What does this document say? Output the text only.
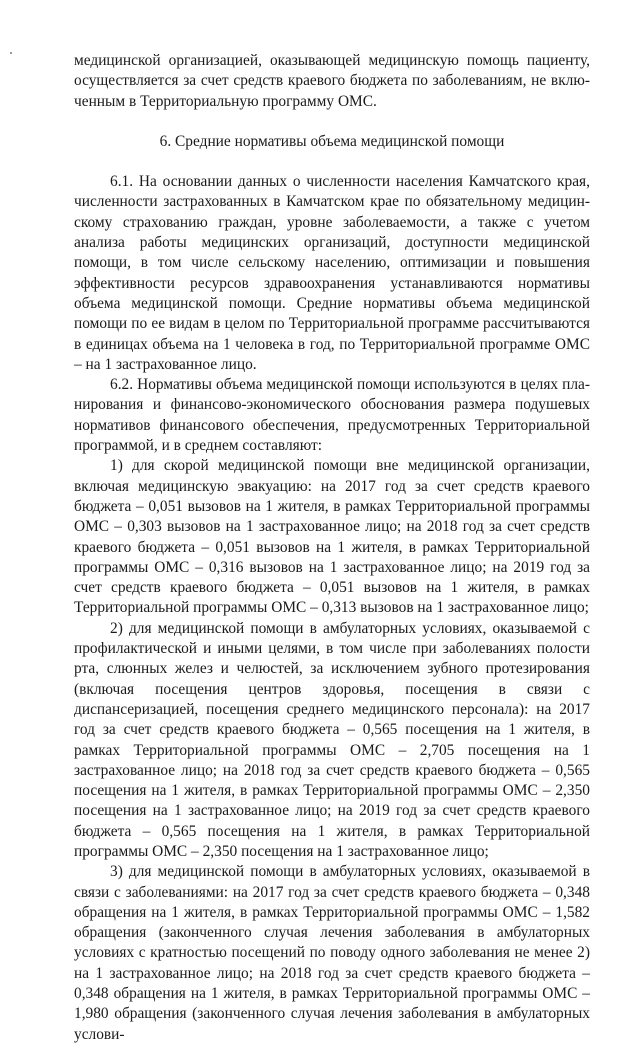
медицинской организацией, оказывающей медицинскую помощь пациенту, осуществляется за счет средств краевого бюджета по заболеваниям, не включенным в Территориальную программу ОМС.

6. Средние нормативы объема медицинской помощи

6.1. На основании данных о численности населения Камчатского края, численности застрахованных в Камчатском крае по обязательному медицинскому страхованию граждан, уровне заболеваемости, а также с учетом анализа работы медицинских организаций, доступности медицинской помощи, в том числе сельскому населению, оптимизации и повышения эффективности ресурсов здравоохранения устанавливаются нормативы объема медицинской помощи. Средние нормативы объема медицинской помощи по ее видам в целом по Территориальной программе рассчитываются в единицах объема на 1 человека в год, по Территориальной программе ОМС – на 1 застрахованное лицо.

6.2. Нормативы объема медицинской помощи используются в целях планирования и финансово-экономического обоснования размера подушевых нормативов финансового обеспечения, предусмотренных Территориальной программой, и в среднем составляют:

1) для скорой медицинской помощи вне медицинской организации, включая медицинскую эвакуацию: на 2017 год за счет средств краевого бюджета – 0,051 вызовов на 1 жителя, в рамках Территориальной программы ОМС – 0,303 вызовов на 1 застрахованное лицо; на 2018 год за счет средств краевого бюджета – 0,051 вызовов на 1 жителя, в рамках Территориальной программы ОМС – 0,316 вызовов на 1 застрахованное лицо; на 2019 год за счет средств краевого бюджета – 0,051 вызовов на 1 жителя, в рамках Территориальной программы ОМС – 0,313 вызовов на 1 застрахованное лицо;

2) для медицинской помощи в амбулаторных условиях, оказываемой с профилактической и иными целями, в том числе при заболеваниях полости рта, слюнных желез и челюстей, за исключением зубного протезирования (включая посещения центров здоровья, посещения в связи с диспансеризацией, посещения среднего медицинского персонала): на 2017 год за счет средств краевого бюджета – 0,565 посещения на 1 жителя, в рамках Территориальной программы ОМС – 2,705 посещения на 1 застрахованное лицо; на 2018 год за счет средств краевого бюджета – 0,565 посещения на 1 жителя, в рамках Территориальной программы ОМС – 2,350 посещения на 1 застрахованное лицо; на 2019 год за счет средств краевого бюджета – 0,565 посещения на 1 жителя, в рамках Территориальной программы ОМС – 2,350 посещения на 1 застрахованное лицо;

3) для медицинской помощи в амбулаторных условиях, оказываемой в связи с заболеваниями: на 2017 год за счет средств краевого бюджета – 0,348 обращения на 1 жителя, в рамках Территориальной программы ОМС – 1,582 обращения (законченного случая лечения заболевания в амбулаторных условиях с кратностью посещений по поводу одного заболевания не менее 2) на 1 застрахованное лицо; на 2018 год за счет средств краевого бюджета – 0,348 обращения на 1 жителя, в рамках Территориальной программы ОМС – 1,980 обращения (законченного случая лечения заболевания в амбулаторных услови-
